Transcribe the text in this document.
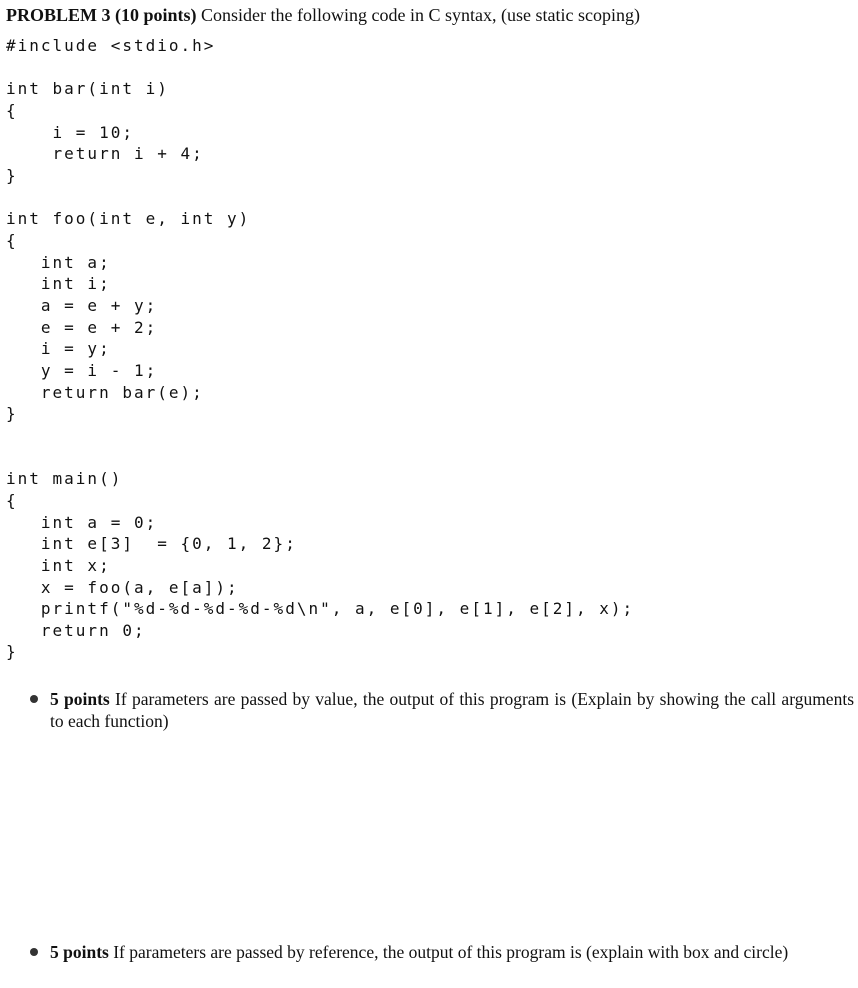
PROBLEM 3 (10 points) Consider the following code in C syntax, (use static scoping)
#include <stdio.h>
int bar(int i)
{
i = 10;
return i + 4;
}
int foo(int e, int y)
{
int a;
int i;
a = e + y;
e = e + 2;
i = y;
y = i - 1;
return bar(e);
}
int main()
{
int a = 0;
int e[3]  = {0, 1, 2};
int x;
x = foo(a, e[a]);
printf("%d-%d-%d-%d-%d\n", a, e[0], e[1], e[2], x);
return 0;
}
5 points If parameters are passed by value, the output of this program is (Explain by showing the call arguments to each function)
5 points If parameters are passed by reference, the output of this program is (explain with box and circle)
